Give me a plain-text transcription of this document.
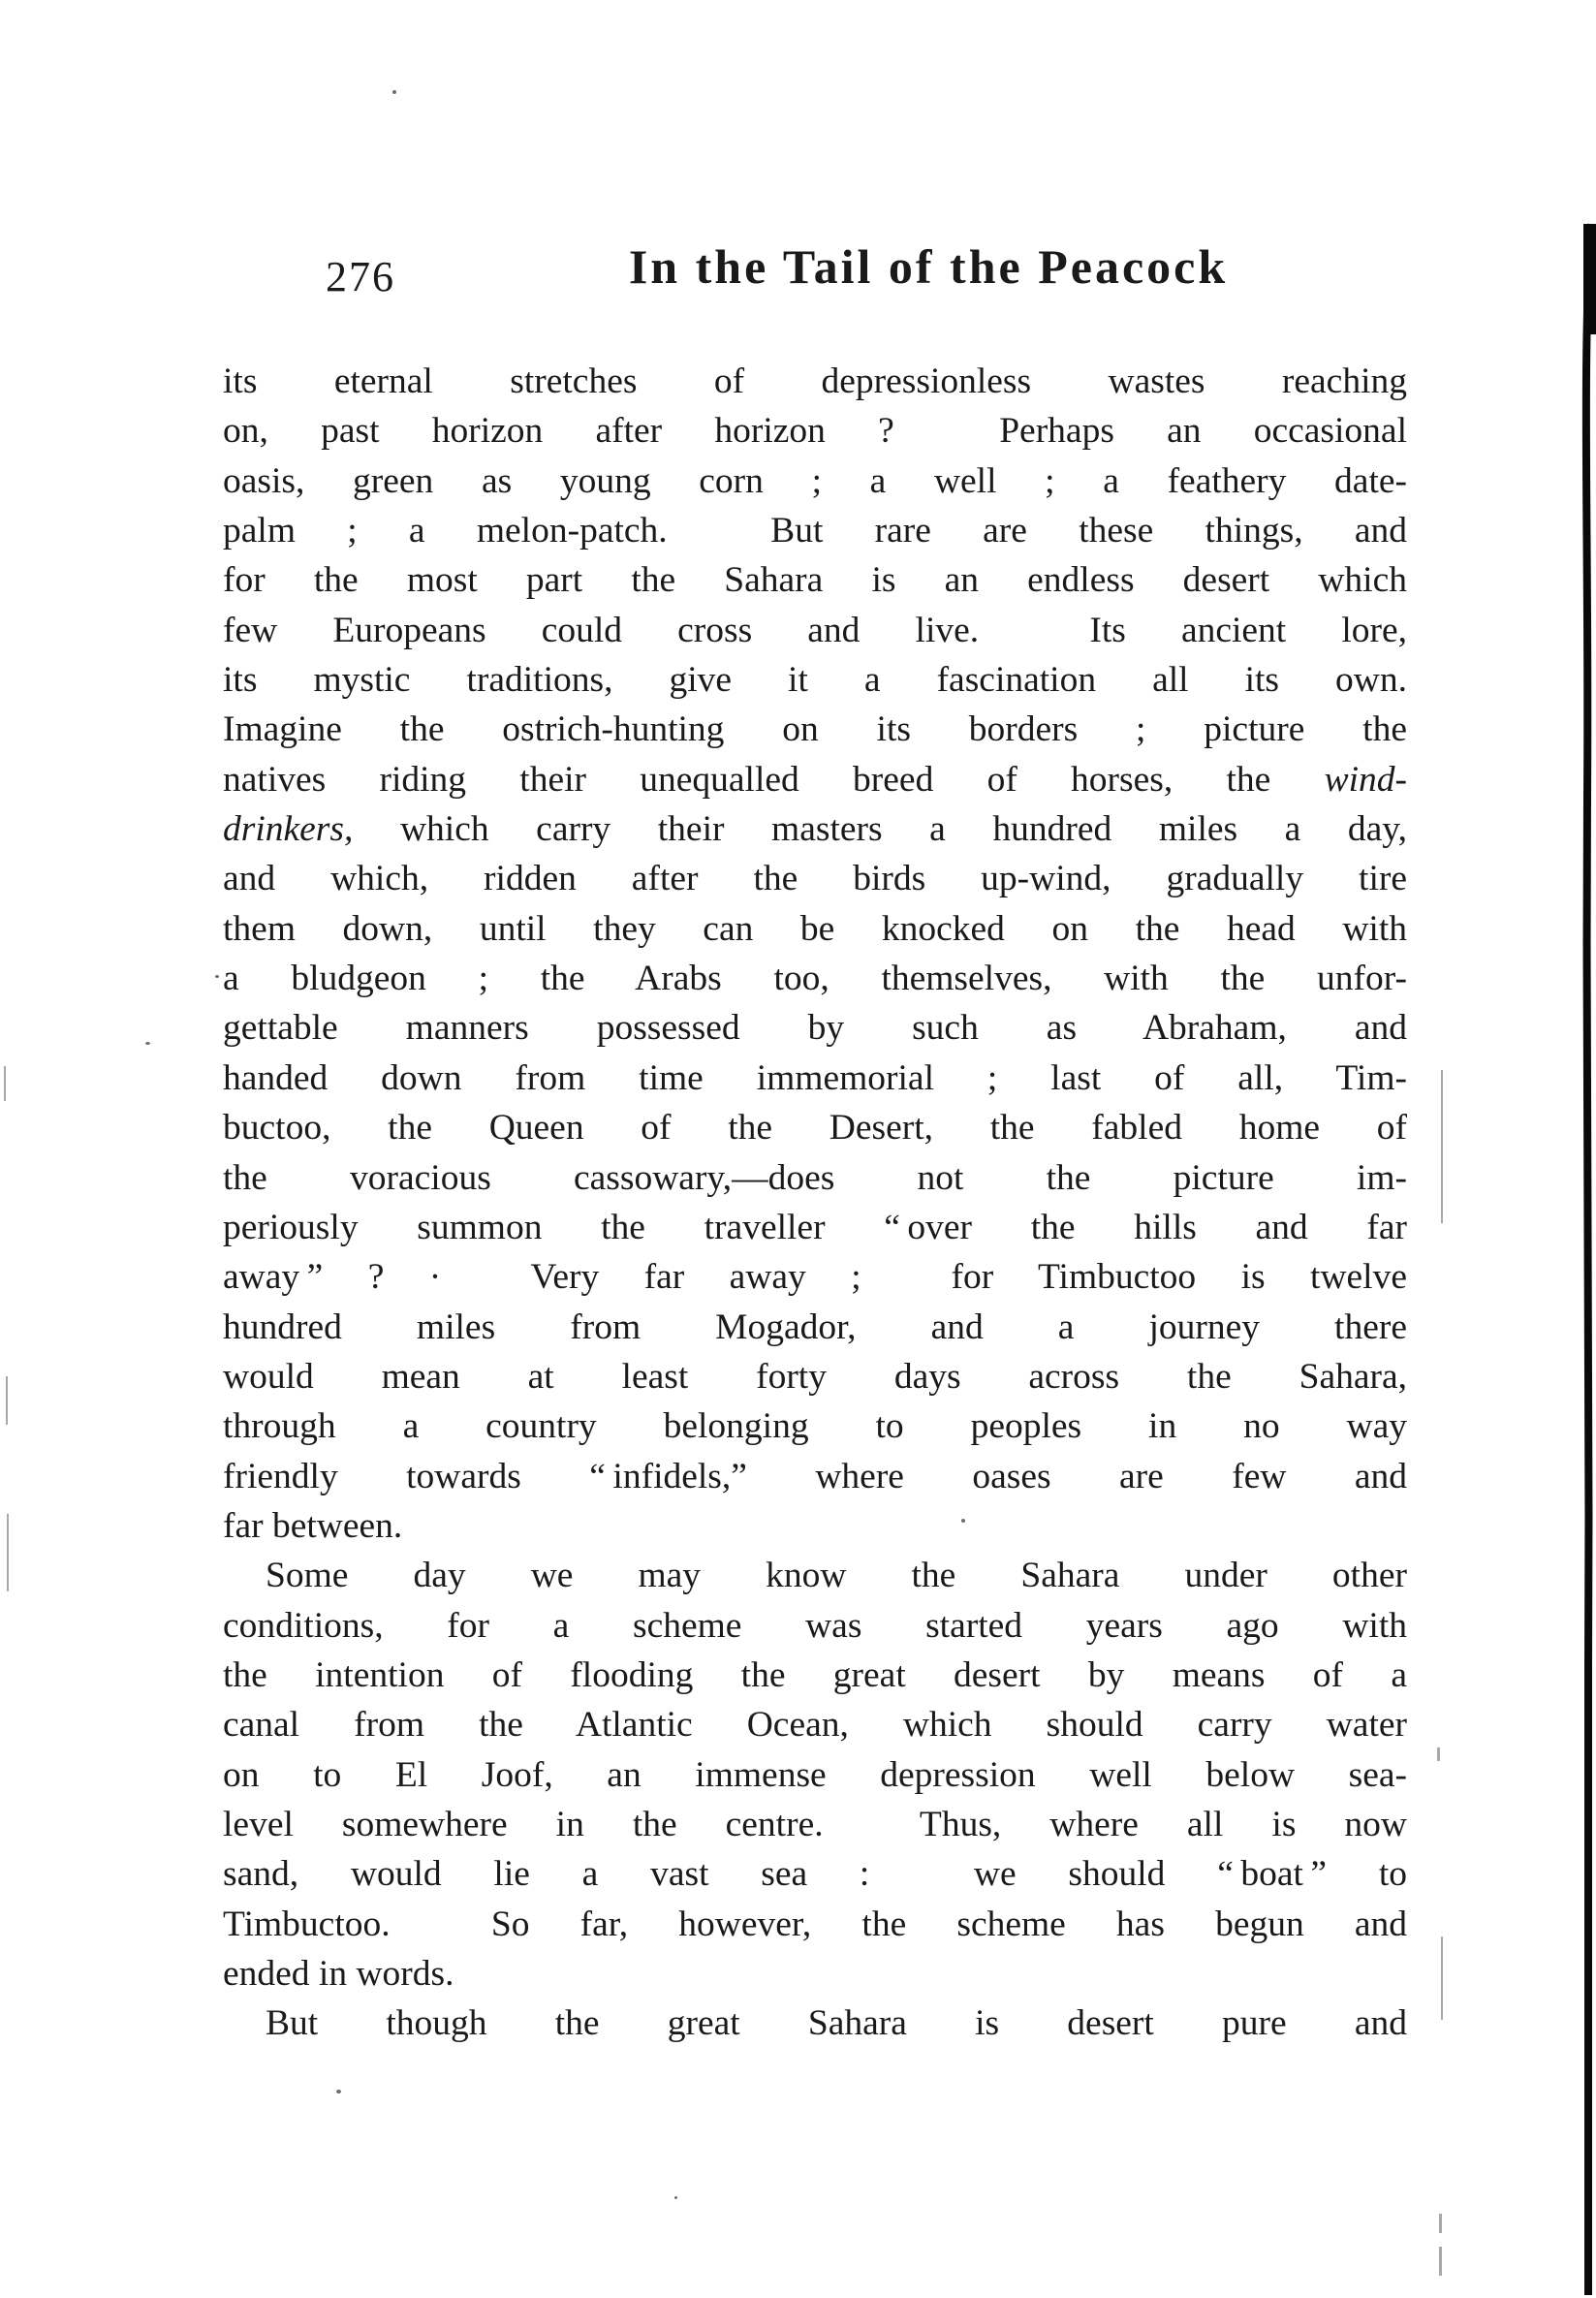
276	In the Tail of the Peacock
its eternal stretches of depressionless wastes reaching
on, past horizon after horizon ?  Perhaps an occasional
oasis, green as young corn ; a well ; a feathery date-
palm ; a melon-patch.  But rare are these things, and
for the most part the Sahara is an endless desert which
few Europeans could cross and live.  Its ancient lore,
its mystic traditions, give it a fascination all its own.
Imagine the ostrich-hunting on its borders ; picture the
natives riding their unequalled breed of horses, the wind-
drinkers, which carry their masters a hundred miles a day,
and which, ridden after the birds up-wind, gradually tire
them down, until they can be knocked on the head with
a bludgeon ; the Arabs too, themselves, with the unfor-
gettable manners possessed by such as Abraham, and
handed down from time immemorial ; last of all, Tim-
buctoo, the Queen of the Desert, the fabled home of
the voracious cassowary,—does not the picture im-
periously summon the traveller “ over the hills and far
away ” ? ·  Very far away ;  for Timbuctoo is twelve
hundred miles from Mogador, and a journey there
would mean at least forty days across the Sahara,
through a country belonging to peoples in no way
friendly towards “ infidels,” where oases are few and
far between.
Some day we may know the Sahara under other
conditions, for a scheme was started years ago with
the intention of flooding the great desert by means of a
canal from the Atlantic Ocean, which should carry water
on to El Joof, an immense depression well below sea-
level somewhere in the centre.  Thus, where all is now
sand, would lie a vast sea :  we should “ boat ” to
Timbuctoo.  So far, however, the scheme has begun and
ended in words.
But though the great Sahara is desert pure and
